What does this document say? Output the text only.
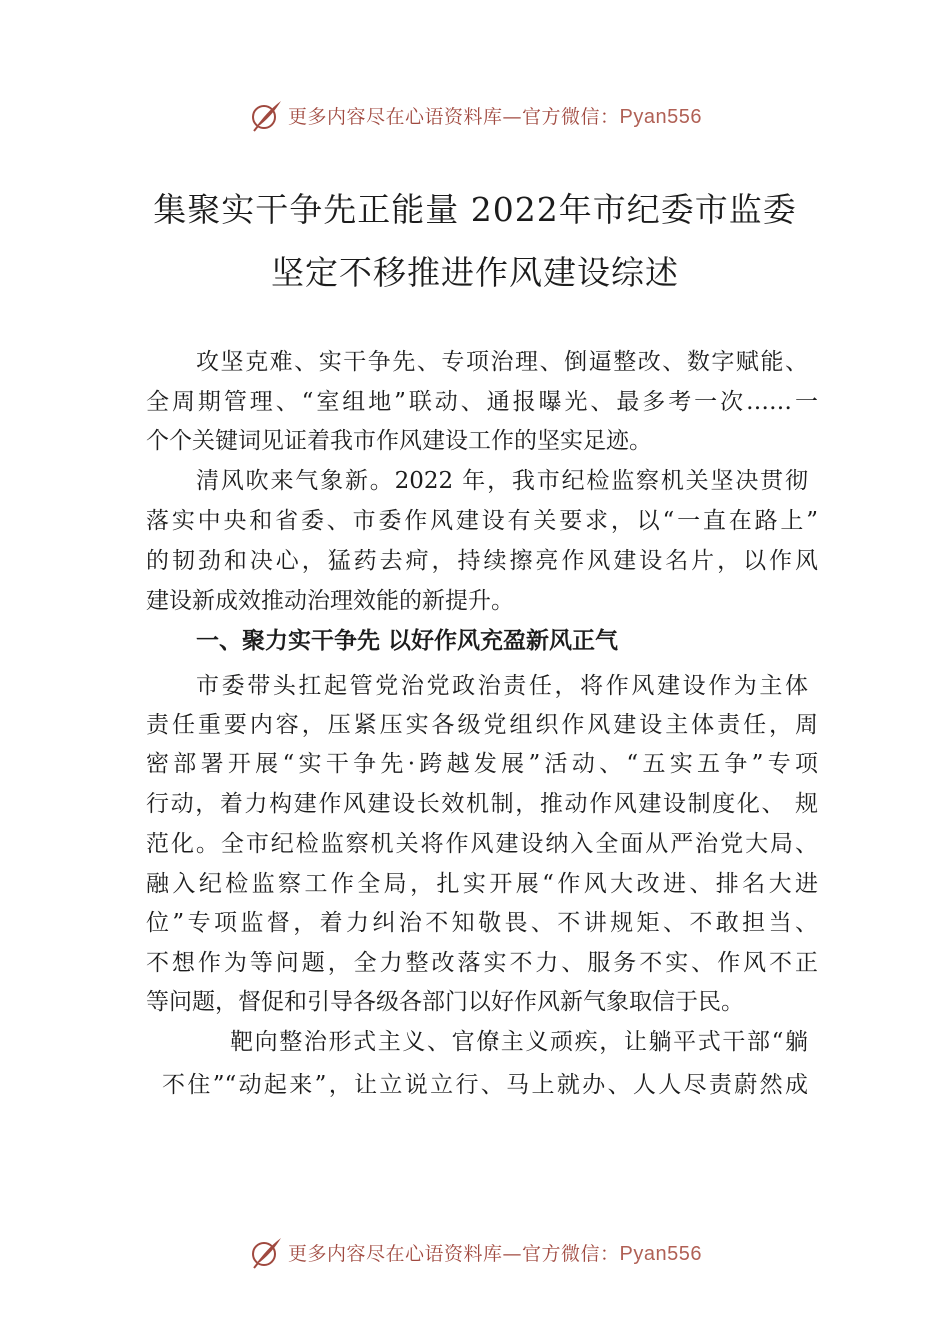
更多内容尽在心语资料库—官方微信：Pyan556
集聚实干争先正能量 2022年市纪委市监委
坚定不移推进作风建设综述
攻坚克难、实干争先、专项治理、倒逼整改、数字赋能、
全周期管理、“室组地”联动、通报曝光、最多考一次……一
个个关键词见证着我市作风建设工作的坚实足迹。
清风吹来气象新。2022 年，我市纪检监察机关坚决贯彻
落实中央和省委、市委作风建设有关要求，以“一直在路上”
的韧劲和决心，猛药去疴，持续擦亮作风建设名片，以作风
建设新成效推动治理效能的新提升。
一、聚力实干争先 以好作风充盈新风正气
市委带头扛起管党治党政治责任，将作风建设作为主体
责任重要内容，压紧压实各级党组织作风建设主体责任，周
密部署开展“实干争先·跨越发展”活动、“五实五争”专项
行动，着力构建作风建设长效机制，推动作风建设制度化、 规
范化。全市纪检监察机关将作风建设纳入全面从严治党大局、
融入纪检监察工作全局，扎实开展“作风大改进、排名大进
位”专项监督，着力纠治不知敬畏、不讲规矩、不敢担当、
不想作为等问题，全力整改落实不力、服务不实、作风不正
等问题，督促和引导各级各部门以好作风新气象取信于民。
靶向整治形式主义、官僚主义顽疾，让躺平式干部“躺
不住”“动起来”，让立说立行、马上就办、人人尽责蔚然成
更多内容尽在心语资料库—官方微信：Pyan556
